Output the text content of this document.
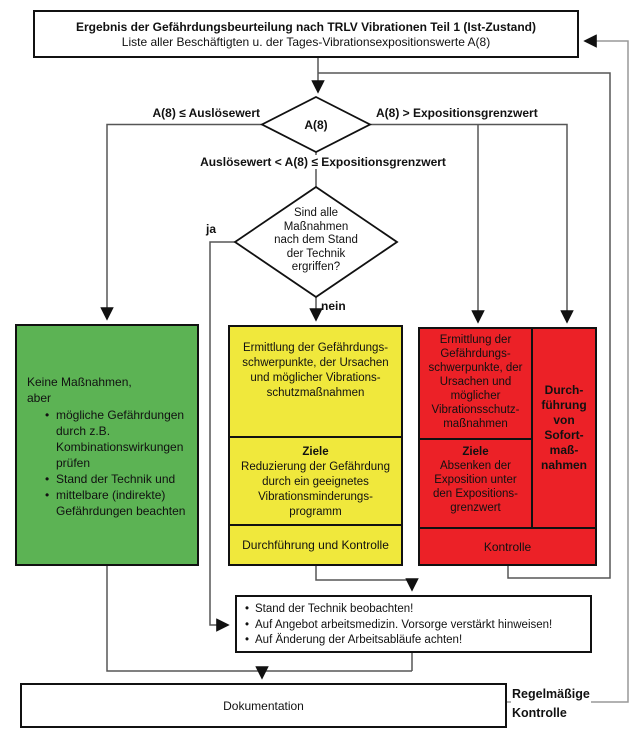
Ergebnis der Gefährdungsbeurteilung nach TRLV Vibrationen Teil 1 (Ist-Zustand)
Liste aller Beschäftigten u. der Tages-Vibrationsexpositionswerte A(8)
A(8)
A(8) ≤ Auslösewert	A(8) > Expositionsgrenzwert
Auslösewert < A(8) ≤ Expositionsgrenzwert
Sind alle
Maßnahmen
nach dem Stand
der Technik
ergriffen?
ja
nein
Keine Maßnahmen,
aber
• mögliche Gefährdungen durch z.B. Kombinationswirkungen prüfen
• Stand der Technik und
• mittelbare (indirekte) Gefährdungen beachten
Ermittlung der Gefährdungs-
schwerpunkte, der Ursachen
und möglicher Vibrations-
schutzmaßnahmen
Ziele
Reduzierung der Gefährdung
durch ein geeignetes
Vibrationsminderungs-
programm
Durchführung und Kontrolle
Ermittlung der
Gefährdungs-
schwerpunkte, der
Ursachen und
möglicher
Vibrationsschutz-
maßnahmen
Ziele
Absenken der
Exposition unter
den Expositions-
grenzwert
Durch-
führung
von
Sofort-
maß-
nahmen
Kontrolle
• Stand der Technik beobachten!
• Auf Angebot arbeitsmedizin. Vorsorge verstärkt hinweisen!
• Auf Änderung der Arbeitsabläufe achten!
Dokumentation
Regelmäßige Kontrolle
